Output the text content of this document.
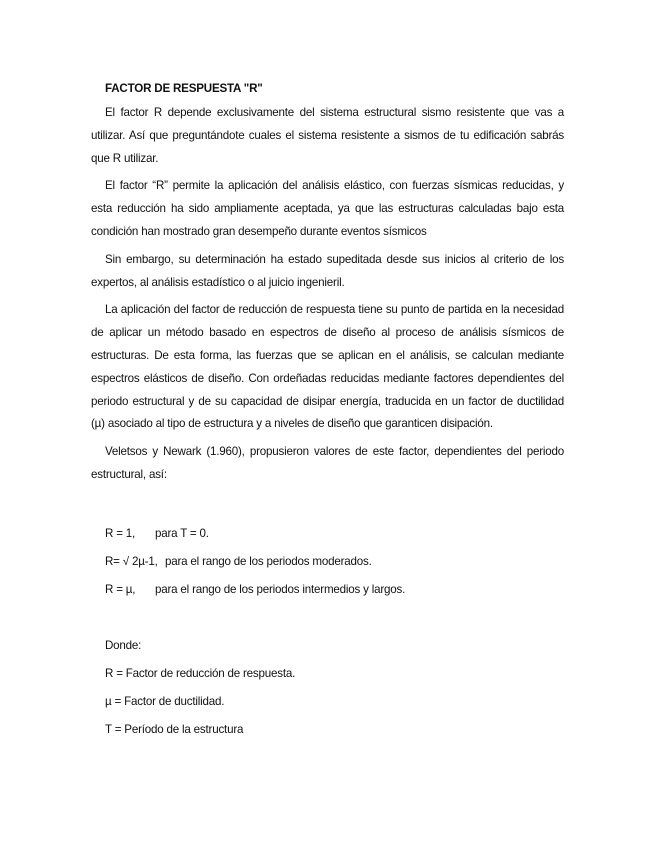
FACTOR DE RESPUESTA "R"

El factor R depende exclusivamente del sistema estructural sismo resistente que vas a utilizar. Así que preguntándote cuales el sistema resistente a sismos de tu edificación sabrás que R utilizar.

El factor “R” permite la aplicación del análisis elástico, con fuerzas sísmicas reducidas, y esta reducción ha sido ampliamente aceptada, ya que las estructuras calculadas bajo esta condición han mostrado gran desempeño durante eventos sísmicos

Sin embargo, su determinación ha estado supeditada desde sus inicios al criterio de los expertos, al análisis estadístico o al juicio ingenieril.

La aplicación del factor de reducción de respuesta tiene su punto de partida en la necesidad de aplicar un método basado en espectros de diseño al proceso de análisis sísmicos de estructuras. De esta forma, las fuerzas que se aplican en el análisis, se calculan mediante espectros elásticos de diseño. Con ordeñadas reducidas mediante factores dependientes del periodo estructural y de su capacidad de disipar energía, traducida en un factor de ductilidad (µ) asociado al tipo de estructura y a niveles de diseño que garanticen disipación.

Veletsos y Newark (1.960), propusieron valores de este factor, dependientes del periodo estructural, así:

R = 1,	para T = 0.
R= √ 2µ-1, para el rango de los periodos moderados.
R = µ,	para el rango de los periodos intermedios y largos.
Donde:
R = Factor de reducción de respuesta.
µ = Factor de ductilidad.
T = Período de la estructura
